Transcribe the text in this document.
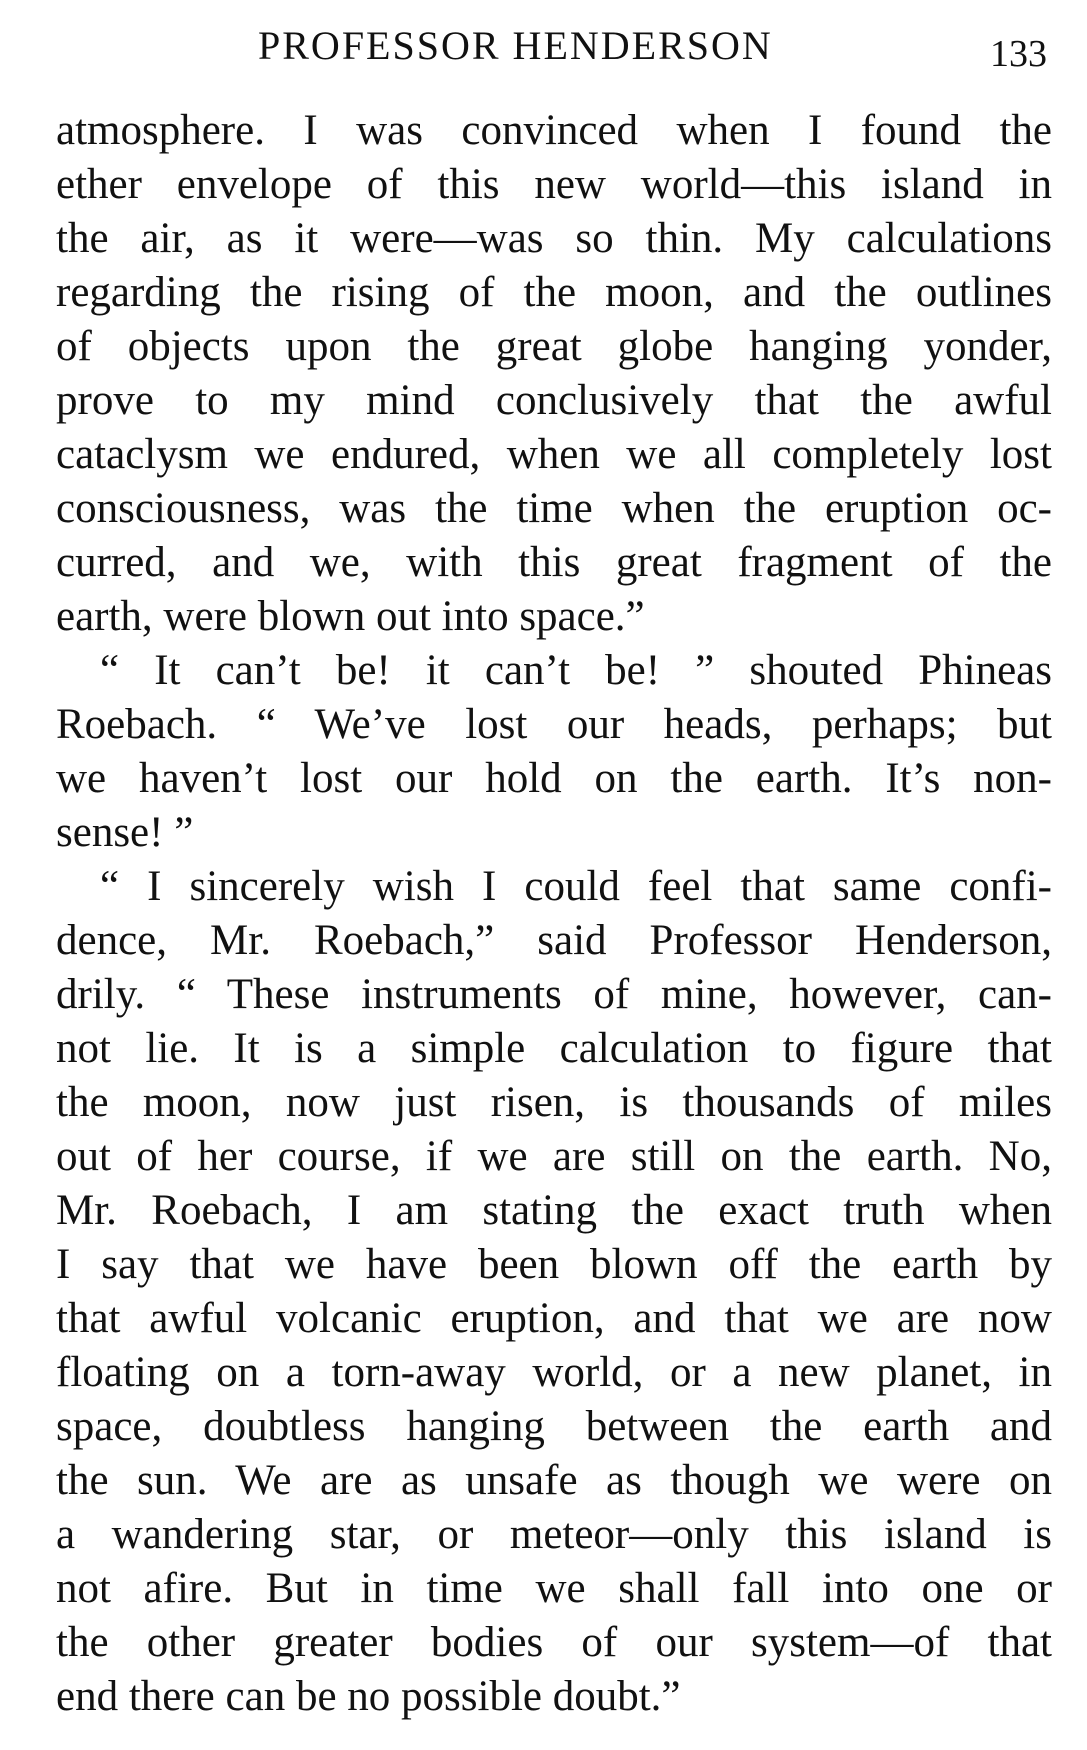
PROFESSOR HENDERSON	133
atmosphere. I was convinced when I found the
ether envelope of this new world—this island in
the air, as it were—was so thin. My calculations
regarding the rising of the moon, and the outlines
of objects upon the great globe hanging yonder,
prove to my mind conclusively that the awful
cataclysm we endured, when we all completely lost
consciousness, was the time when the eruption oc-
curred, and we, with this great fragment of the
earth, were blown out into space.”
“ It can’t be! it can’t be! ” shouted Phineas
Roebach. “ We’ve lost our heads, perhaps; but
we haven’t lost our hold on the earth. It’s non-
sense! ”
“ I sincerely wish I could feel that same confi-
dence, Mr. Roebach,” said Professor Henderson,
drily. “ These instruments of mine, however, can-
not lie. It is a simple calculation to figure that
the moon, now just risen, is thousands of miles
out of her course, if we are still on the earth. No,
Mr. Roebach, I am stating the exact truth when
I say that we have been blown off the earth by
that awful volcanic eruption, and that we are now
floating on a torn-away world, or a new planet, in
space, doubtless hanging between the earth and
the sun. We are as unsafe as though we were on
a wandering star, or meteor—only this island is
not afire. But in time we shall fall into one or
the other greater bodies of our system—of that
end there can be no possible doubt.”
